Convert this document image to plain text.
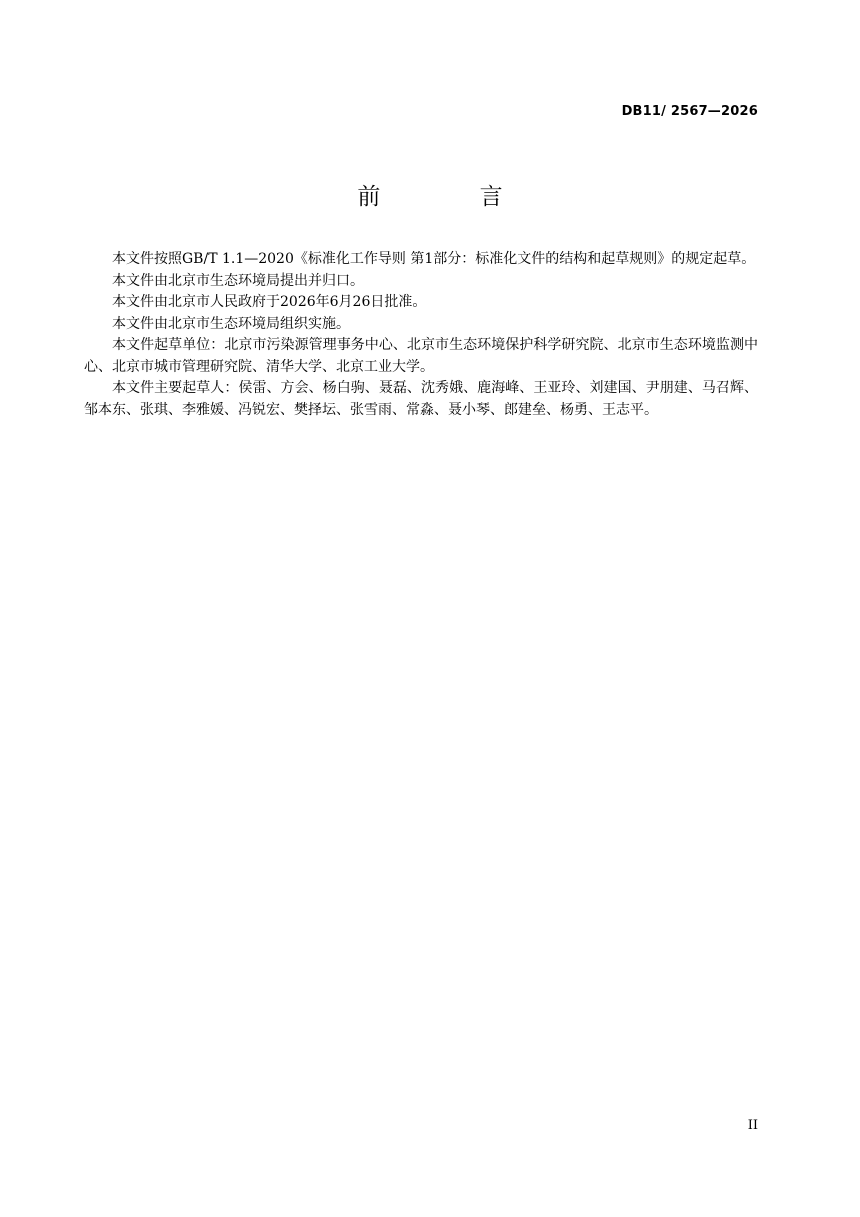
DB11/ 2567—2026
前 言

本文件按照GB/T 1.1—2020《标准化工作导则 第1部分：标准化文件的结构和起草规则》的规定起草。

本文件由北京市生态环境局提出并归口。

本文件由北京市人民政府于2026年6月26日批准。

本文件由北京市生态环境局组织实施。

本文件起草单位：北京市污染源管理事务中心、北京市生态环境保护科学研究院、北京市生态环境监测中心、北京市城市管理研究院、清华大学、北京工业大学。

本文件主要起草人：侯雷、方会、杨白驹、聂磊、沈秀娥、鹿海峰、王亚玲、刘建国、尹朋建、马召辉、邹本东、张琪、李雅媛、冯锐宏、樊择坛、张雪雨、常淼、聂小琴、郎建垒、杨勇、王志平。

II
